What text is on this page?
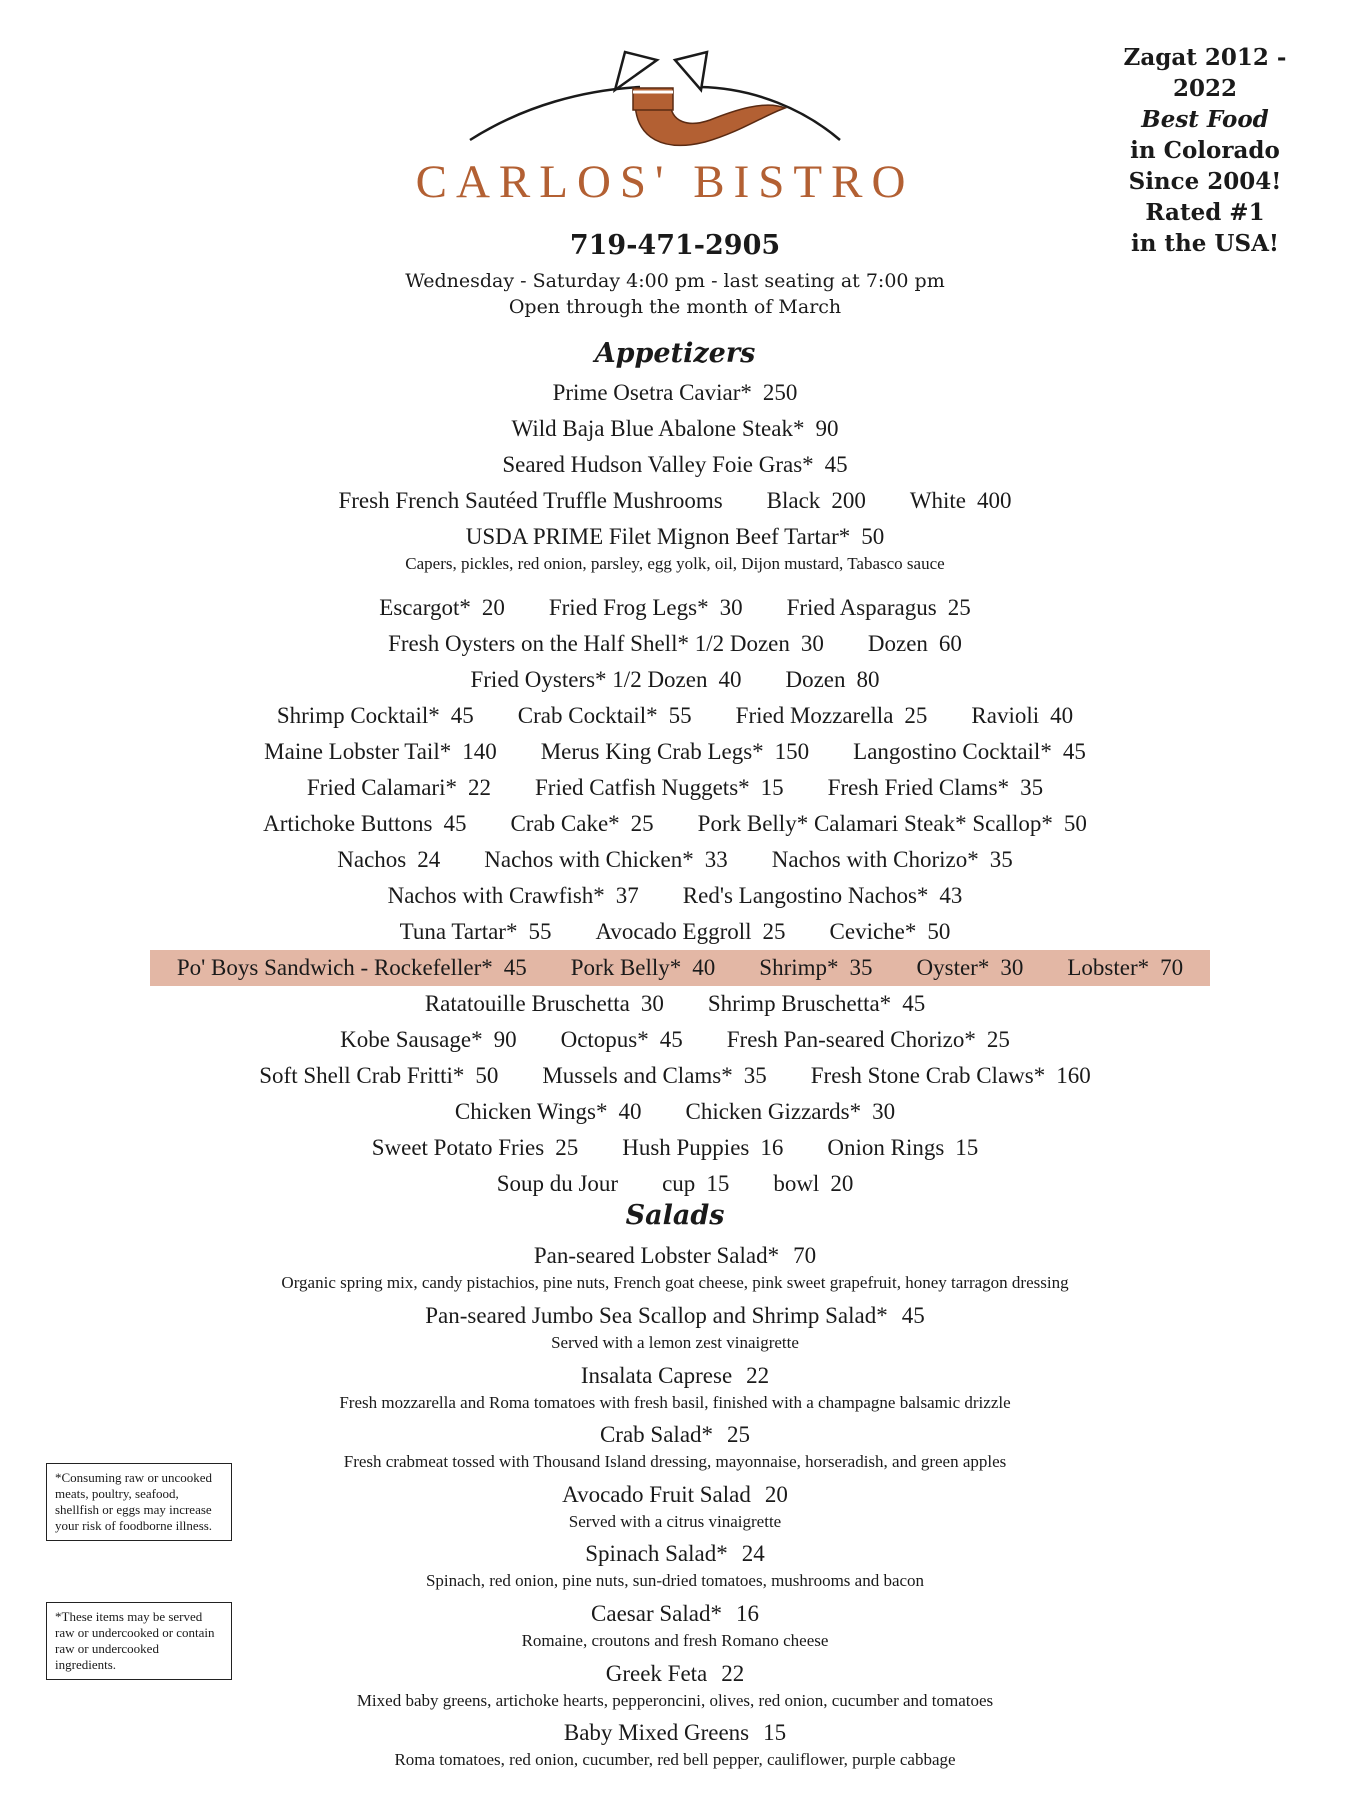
CARLOS' BISTRO
Zagat 2012 - 2022
Best Food
in Colorado
Since 2004!
Rated #1
in the USA!
719-471-2905
Wednesday - Saturday 4:00 pm - last seating at 7:00 pm
Open through the month of March
Appetizers
Prime Osetra Caviar* 250
Wild Baja Blue Abalone Steak* 90
Seared Hudson Valley Foie Gras* 45
Fresh French Sautéed Truffle Mushrooms Black 200 White 400
USDA PRIME Filet Mignon Beef Tartar* 50
Escargot* 20 Fried Frog Legs* 30 Fried Asparagus 25
Fresh Oysters on the Half Shell* 1/2 Dozen 30 Dozen 60
Fried Oysters* 1/2 Dozen 40 Dozen 80
Shrimp Cocktail* 45 Crab Cocktail* 55 Fried Mozzarella 25 Ravioli 40
Maine Lobster Tail* 140 Merus King Crab Legs* 150 Langostino Cocktail* 45
Fried Calamari* 22 Fried Catfish Nuggets* 15 Fresh Fried Clams* 35
Artichoke Buttons 45 Crab Cake* 25 Pork Belly* Calamari Steak* Scallop* 50
Nachos 24 Nachos with Chicken* 33 Nachos with Chorizo* 35
Nachos with Crawfish* 37 Red's Langostino Nachos* 43
Tuna Tartar* 55 Avocado Eggroll 25 Ceviche* 50
Po' Boys Sandwich - Rockefeller* 45 Pork Belly* 40 Shrimp* 35 Oyster* 30 Lobster* 70
Ratatouille Bruschetta 30 Shrimp Bruschetta* 45
Kobe Sausage* 90 Octopus* 45 Fresh Pan-seared Chorizo* 25
Soft Shell Crab Fritti* 50 Mussels and Clams* 35 Fresh Stone Crab Claws* 160
Chicken Wings* 40 Chicken Gizzards* 30
Sweet Potato Fries 25 Hush Puppies 16 Onion Rings 15
Soup du Jour cup 15 bowl 20
Capers, pickles, red onion, parsley, egg yolk, oil, Dijon mustard, Tabasco sauce
Salads
Pan-seared Lobster Salad* 70
Organic spring mix, candy pistachios, pine nuts, French goat cheese, pink sweet grapefruit, honey tarragon dressing
Pan-seared Jumbo Sea Scallop and Shrimp Salad* 45
Served with a lemon zest vinaigrette
Insalata Caprese 22
Fresh mozzarella and Roma tomatoes with fresh basil, finished with a champagne balsamic drizzle
Crab Salad* 25
Fresh crabmeat tossed with Thousand Island dressing, mayonnaise, horseradish, and green apples
Avocado Fruit Salad 20
Served with a citrus vinaigrette
Spinach Salad* 24
Spinach, red onion, pine nuts, sun-dried tomatoes, mushrooms and bacon
Caesar Salad* 16
Romaine, croutons and fresh Romano cheese
Greek Feta 22
Mixed baby greens, artichoke hearts, pepperoncini, olives, red onion, cucumber and tomatoes
Baby Mixed Greens 15
Roma tomatoes, red onion, cucumber, red bell pepper, cauliflower, purple cabbage
*Consuming raw or uncooked meats, poultry, seafood, shellfish or eggs may increase your risk of foodborne illness.
*These items may be served raw or undercooked or contain raw or undercooked ingredients.
